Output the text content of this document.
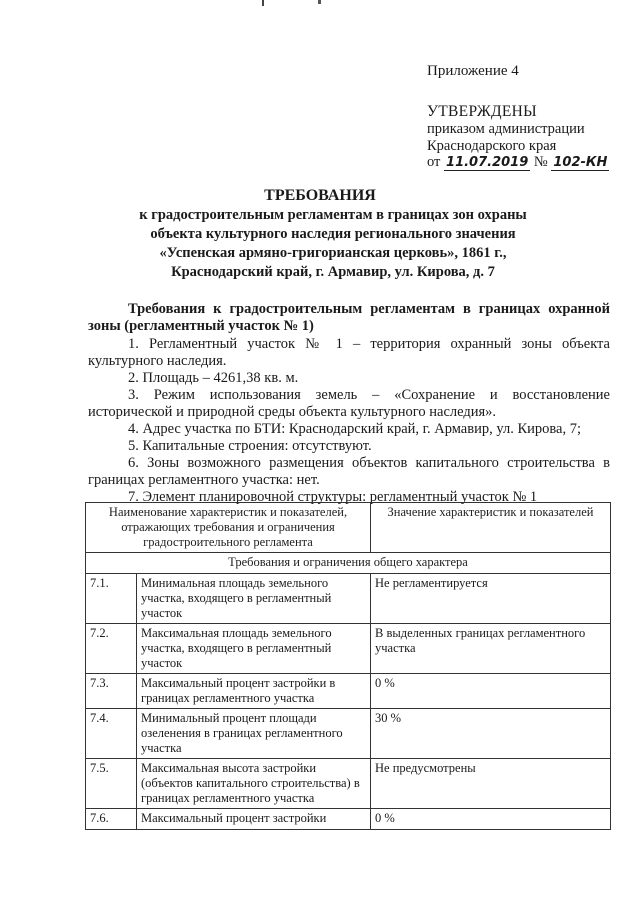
Приложение 4
УТВЕРЖДЕНЫ
приказом администрации
Краснодарского края
от 11.07.2019 № 102-КН
ТРЕБОВАНИЯ
к градостроительным регламентам в границах зон охраны
объекта культурного наследия регионального значения
«Успенская армяно-григорианская церковь», 1861 г.,
Краснодарский край, г. Армавир, ул. Кирова, д. 7
Требования к градостроительным регламентам в границах охранной зоны (регламентный участок № 1)
1. Регламентный участок № 1 – территория охранный зоны объекта культурного наследия.
2. Площадь – 4261,38 кв. м.
3. Режим использования земель – «Сохранение и восстановление исторической и природной среды объекта культурного наследия».
4. Адрес участка по БТИ: Краснодарский край, г. Армавир, ул. Кирова, 7;
5. Капитальные строения: отсутствуют.
6. Зоны возможного размещения объектов капитального строительства в границах регламентного участка: нет.
7. Элемент планировочной структуры: регламентный участок № 1
Наименование характеристик и показателей, отражающих требования и ограничения градостроительного регламента		Значение характеристик и показателей
Требования и ограничения общего характера		
7.1.	Минимальная площадь земельного участка, входящего в регламентный участок	Не регламентируется
7.2.	Максимальная площадь земельного участка, входящего в регламентный участок	В выделенных границах регламентного участка
7.3.	Максимальный процент застройки в границах регламентного участка	0 %
7.4.	Минимальный процент площади озеленения в границах регламентного участка	30 %
7.5.	Максимальная высота застройки (объектов капитального строительства) в границах регламентного участка	Не предусмотрены
7.6.	Максимальный процент застройки	0 %
